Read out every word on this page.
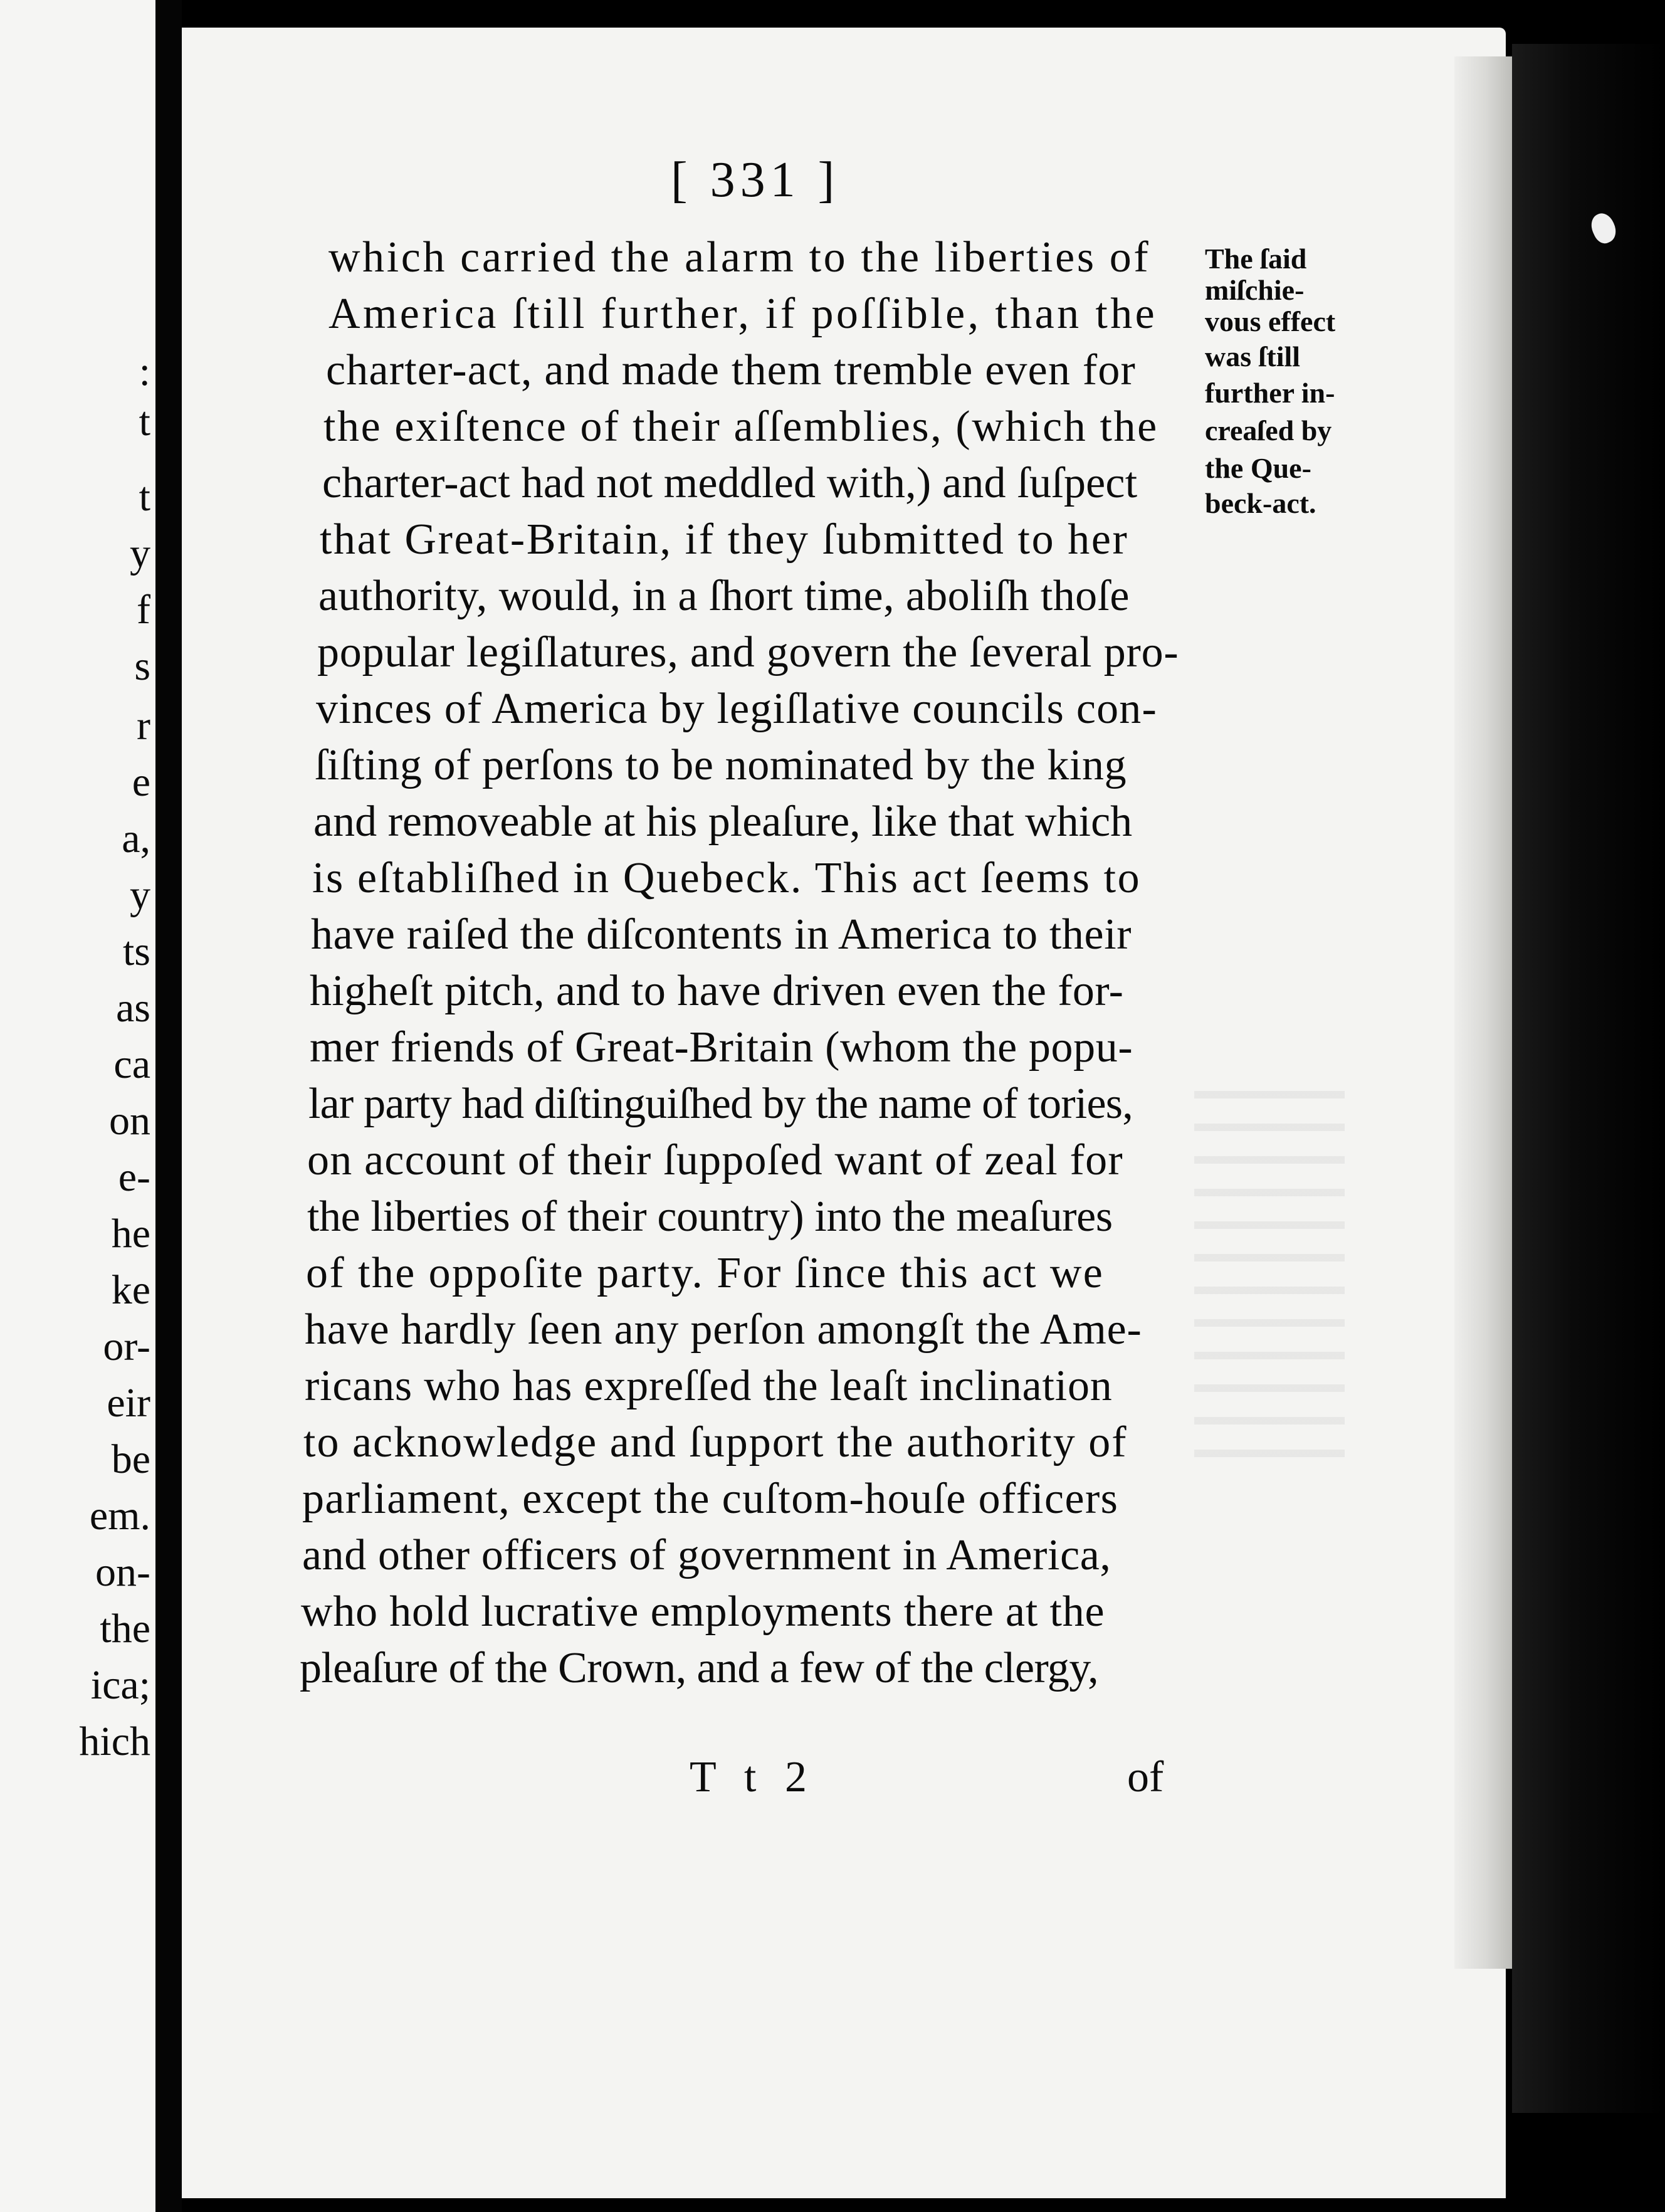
:
t
t
y
f
s
r
e
a,
y
ts
as
ca
on
e-
he
ke
or-
eir
be
em.
on-
the
ica;
hich
[ 331 ]
which carried the alarm to the liberties of
America ſtill further, if poſſible, than the
charter-act, and made them tremble even for
the exiſtence of their aſſemblies, (which the
charter-act had not meddled with,) and ſuſpect
that Great-Britain, if they ſubmitted to her
authority, would, in a ſhort time, aboliſh thoſe
popular legiſlatures, and govern the ſeveral pro-
vinces of America by legiſlative councils con-
ſiſting of perſons to be nominated by the king
and removeable at his pleaſure, like that which
is eſtabliſhed in Quebeck. This act ſeems to
have raiſed the diſcontents in America to their
higheſt pitch, and to have driven even the for-
mer friends of Great-Britain (whom the popu-
lar party had diſtinguiſhed by the name of tories,
on account of their ſuppoſed want of zeal for
the liberties of their country) into the meaſures
of the oppoſite party. For ſince this act we
have hardly ſeen any perſon amongſt the Ame-
ricans who has expreſſed the leaſt inclination
to acknowledge and ſupport the authority of
parliament, except the cuſtom-houſe officers
and other officers of government in America,
who hold lucrative employments there at the
pleaſure of the Crown, and a few of the clergy,
The ſaid
miſchie-
vous effect
was ſtill
further in-
creaſed by
the Que-
beck-act.
T t 2	of
